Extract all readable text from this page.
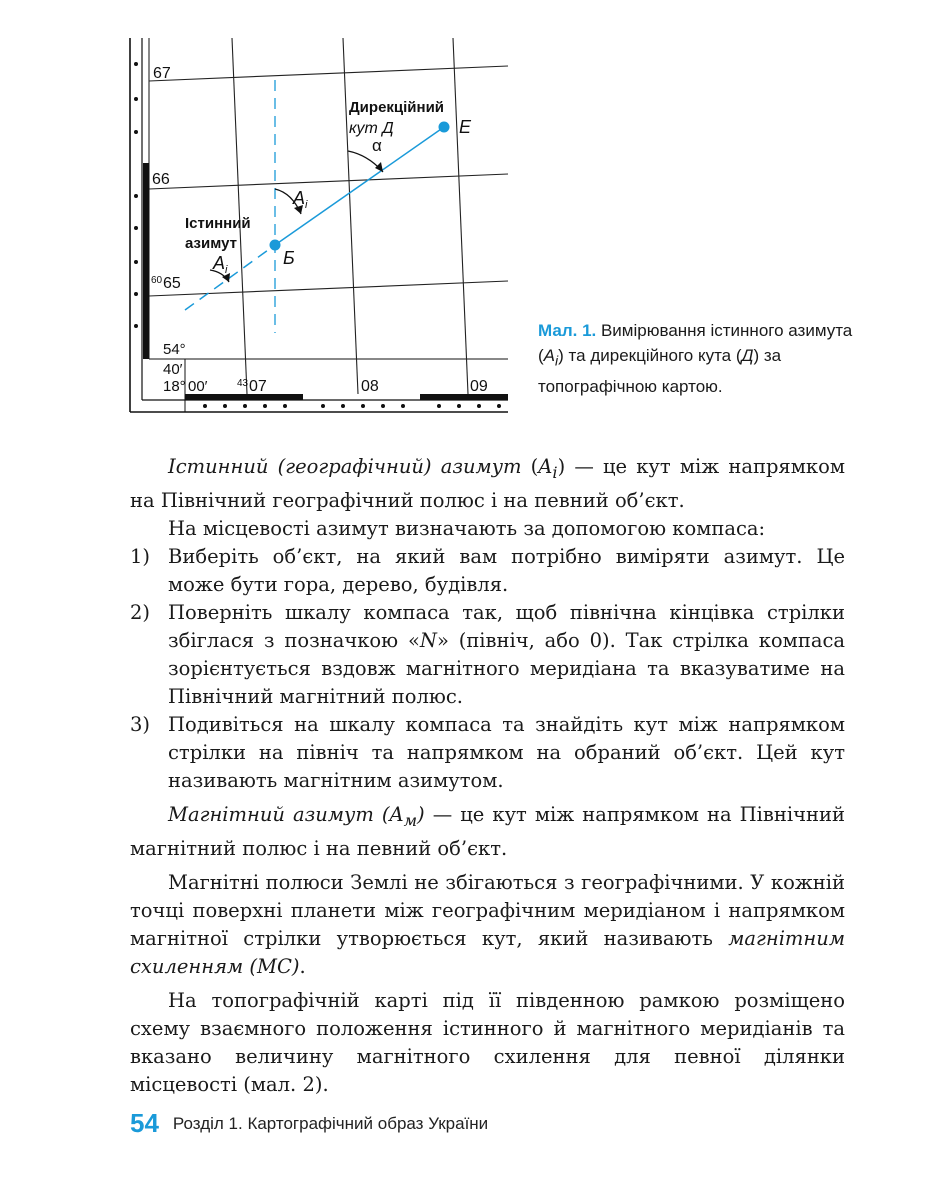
67
66
60 65
54°
40′
18° 00′	43 07	08	09
Дирекційний
кут Д
α
Е
Б
Істинний
азимут
$A_i$
$A_i$
Мал. 1. Вимірювання істинного азимута $(A_i)$ та дирекційного кута (Д) за топографічною картою.

Істинний (географічний) азимут $(A_i)$ — це кут між напрямком на Північний географічний полюс і на певний об’єкт.

На місцевості азимут визначають за допомогою компаса:

1) Виберіть об’єкт, на який вам потрібно виміряти азимут. Це може бути гора, дерево, будівля.

2) Поверніть шкалу компаса так, щоб північна кінцівка стрілки збіглася з позначкою «N» (північ, або 0). Так стрілка компаса зорієнтується вздовж магнітного меридіана та вказуватиме на Північний магнітний полюс.

3) Подивіться на шкалу компаса та знайдіть кут між напрямком стрілки на північ та напрямком на обраний об’єкт. Цей кут називають магнітним азимутом.

Магнітний азимут $(A_м)$ — це кут між напрямком на Північний магнітний полюс і на певний об’єкт.

Магнітні полюси Землі не збігаються з географічними. У кожній точці поверхні планети між географічним меридіаном і напрямком магнітної стрілки утворюється кут, який називають магнітним схиленням (МС).

На топографічній карті під її південною рамкою розміщено схему взаємного положення істинного й магнітного меридіанів та вказано величину магнітного схилення для певної ділянки місцевості (мал. 2).

54 Розділ 1. Картографічний образ України
